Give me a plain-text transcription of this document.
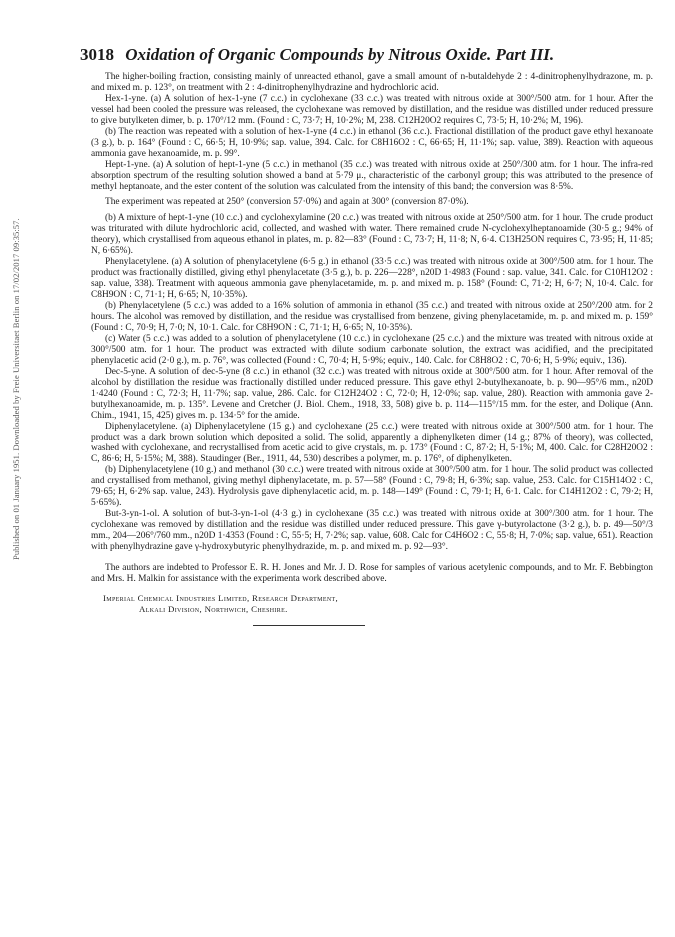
Published on 01 January 1951. Downloaded by Freie Universitaet Berlin on 17/02/2017 09:35:57.
3018 Oxidation of Organic Compounds by Nitrous Oxide. Part III.

The higher-boiling fraction, consisting mainly of unreacted ethanol, gave a small amount of n-butaldehyde 2 : 4-dinitrophenylhydrazone, m. p. and mixed m. p. 123°, on treatment with 2 : 4-dinitrophenylhydrazine and hydrochloric acid.

Hex-1-yne. (a) A solution of hex-1-yne (7 c.c.) in cyclohexane (33 c.c.) was treated with nitrous oxide at 300°/500 atm. for 1 hour. After the vessel had been cooled the pressure was released, the cyclohexane was removed by distillation, and the residue was distilled under reduced pressure to give butylketen dimer, b. p. 170°/12 mm. (Found : C, 73·7; H, 10·2%; M, 238. C12H20O2 requires C, 73·5; H, 10·2%; M, 196).

(b) The reaction was repeated with a solution of hex-1-yne (4 c.c.) in ethanol (36 c.c.). Fractional distillation of the product gave ethyl hexanoate (3 g.), b. p. 164° (Found : C, 66·5; H, 10·9%; sap. value, 394. Calc. for C8H16O2 : C, 66·65; H, 11·1%; sap. value, 389). Reaction with aqueous ammonia gave hexanoamide, m. p. 99°.

Hept-1-yne. (a) A solution of hept-1-yne (5 c.c.) in methanol (35 c.c.) was treated with nitrous oxide at 250°/300 atm. for 1 hour. The infra-red absorption spectrum of the resulting solution showed a band at 5·79 μ., characteristic of the carbonyl group; this was attributed to the presence of methyl heptanoate, and the ester content of the solution was calculated from the intensity of this band; the conversion was 8·5%.

The experiment was repeated at 250° (conversion 57·0%) and again at 300° (conversion 87·0%).

(b) A mixture of hept-1-yne (10 c.c.) and cyclohexylamine (20 c.c.) was treated with nitrous oxide at 250°/500 atm. for 1 hour. The crude product was triturated with dilute hydrochloric acid, collected, and washed with water. There remained crude N-cyclohexylheptanoamide (30·5 g.; 94% of theory), which crystallised from aqueous ethanol in plates, m. p. 82—83° (Found : C, 73·7; H, 11·8; N, 6·4. C13H25ON requires C, 73·95; H, 11·85; N, 6·65%).

Phenylacetylene. (a) A solution of phenylacetylene (6·5 g.) in ethanol (33·5 c.c.) was treated with nitrous oxide at 300°/500 atm. for 1 hour. The product was fractionally distilled, giving ethyl phenylacetate (3·5 g.), b. p. 226—228°, n20D 1·4983 (Found : sap. value, 341. Calc. for C10H12O2 : sap. value, 338). Treatment with aqueous ammonia gave phenylacetamide, m. p. and mixed m. p. 158° (Found: C, 71·2; H, 6·7; N, 10·4. Calc. for C8H9ON : C, 71·1; H, 6·65; N, 10·35%).

(b) Phenylacetylene (5 c.c.) was added to a 16% solution of ammonia in ethanol (35 c.c.) and treated with nitrous oxide at 250°/200 atm. for 2 hours. The alcohol was removed by distillation, and the residue was crystallised from benzene, giving phenylacetamide, m. p. and mixed m. p. 159° (Found : C, 70·9; H, 7·0; N, 10·1. Calc. for C8H9ON : C, 71·1; H, 6·65; N, 10·35%).

(c) Water (5 c.c.) was added to a solution of phenylacetylene (10 c.c.) in cyclohexane (25 c.c.) and the mixture was treated with nitrous oxide at 300°/500 atm. for 1 hour. The product was extracted with dilute sodium carbonate solution, the extract was acidified, and the precipitated phenylacetic acid (2·0 g.), m. p. 76°, was collected (Found : C, 70·4; H, 5·9%; equiv., 140. Calc. for C8H8O2 : C, 70·6; H, 5·9%; equiv., 136).

Dec-5-yne. A solution of dec-5-yne (8 c.c.) in ethanol (32 c.c.) was treated with nitrous oxide at 300°/500 atm. for 1 hour. After removal of the alcohol by distillation the residue was fractionally distilled under reduced pressure. This gave ethyl 2-butylhexanoate, b. p. 90—95°/6 mm., n20D 1·4240 (Found : C, 72·3; H, 11·7%; sap. value, 286. Calc. for C12H24O2 : C, 72·0; H, 12·0%; sap. value, 280). Reaction with ammonia gave 2-butylhexanoamide, m. p. 135°. Levene and Cretcher (J. Biol. Chem., 1918, 33, 508) give b. p. 114—115°/15 mm. for the ester, and Dolique (Ann. Chim., 1941, 15, 425) gives m. p. 134·5° for the amide.

Diphenylacetylene. (a) Diphenylacetylene (15 g.) and cyclohexane (25 c.c.) were treated with nitrous oxide at 300°/500 atm. for 1 hour. The product was a dark brown solution which deposited a solid. The solid, apparently a diphenylketen dimer (14 g.; 87% of theory), was collected, washed with cyclohexane, and recrystallised from acetic acid to give crystals, m. p. 173° (Found : C, 87·2; H, 5·1%; M, 400. Calc. for C28H20O2 : C, 86·6; H, 5·15%; M, 388). Staudinger (Ber., 1911, 44, 530) describes a polymer, m. p. 176°, of diphenylketen.

(b) Diphenylacetylene (10 g.) and methanol (30 c.c.) were treated with nitrous oxide at 300°/500 atm. for 1 hour. The solid product was collected and crystallised from methanol, giving methyl diphenylacetate, m. p. 57—58° (Found : C, 79·8; H, 6·3%; sap. value, 253. Calc. for C15H14O2 : C, 79·65; H, 6·2% sap. value, 243). Hydrolysis gave diphenylacetic acid, m. p. 148—149° (Found : C, 79·1; H, 6·1. Calc. for C14H12O2 : C, 79·2; H, 5·65%).

But-3-yn-1-ol. A solution of but-3-yn-1-ol (4·3 g.) in cyclohexane (35 c.c.) was treated with nitrous oxide at 300°/300 atm. for 1 hour. The cyclohexane was removed by distillation and the residue was distilled under reduced pressure. This gave γ-butyrolactone (3·2 g.), b. p. 49—50°/3 mm., 204—206°/760 mm., n20D 1·4353 (Found : C, 55·5; H, 7·2%; sap. value, 608. Calc for C4H6O2 : C, 55·8; H, 7·0%; sap. value, 651). Reaction with phenylhydrazine gave γ-hydroxybutyric phenylhydrazide, m. p. and mixed m. p. 92—93°.

The authors are indebted to Professor E. R. H. Jones and Mr. J. D. Rose for samples of various acetylenic compounds, and to Mr. F. Bebbington and Mrs. H. Malkin for assistance with the experimenta work described above.

Imperial Chemical Industries Limited, Research Department,
Alkali Division, Northwich, Cheshire.
